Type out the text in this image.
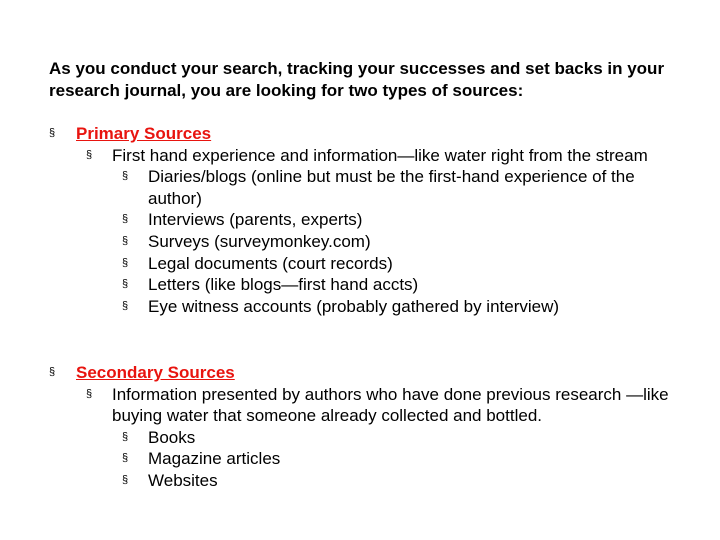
As you conduct your search, tracking your successes and set backs in your research journal, you are looking for two types of sources:
§ Primary Sources
§ First hand experience and information—like water right from the stream
§ Diaries/blogs (online but must be the first-hand experience of the author)
§ Interviews (parents, experts)
§ Surveys (surveymonkey.com)
§ Legal documents (court records)
§ Letters (like blogs—first hand accts)
§ Eye witness accounts (probably gathered by interview)
§ Secondary Sources
§ Information presented by authors who have done previous research —like buying water that someone already collected and bottled.
§ Books
§ Magazine articles
§ Websites
